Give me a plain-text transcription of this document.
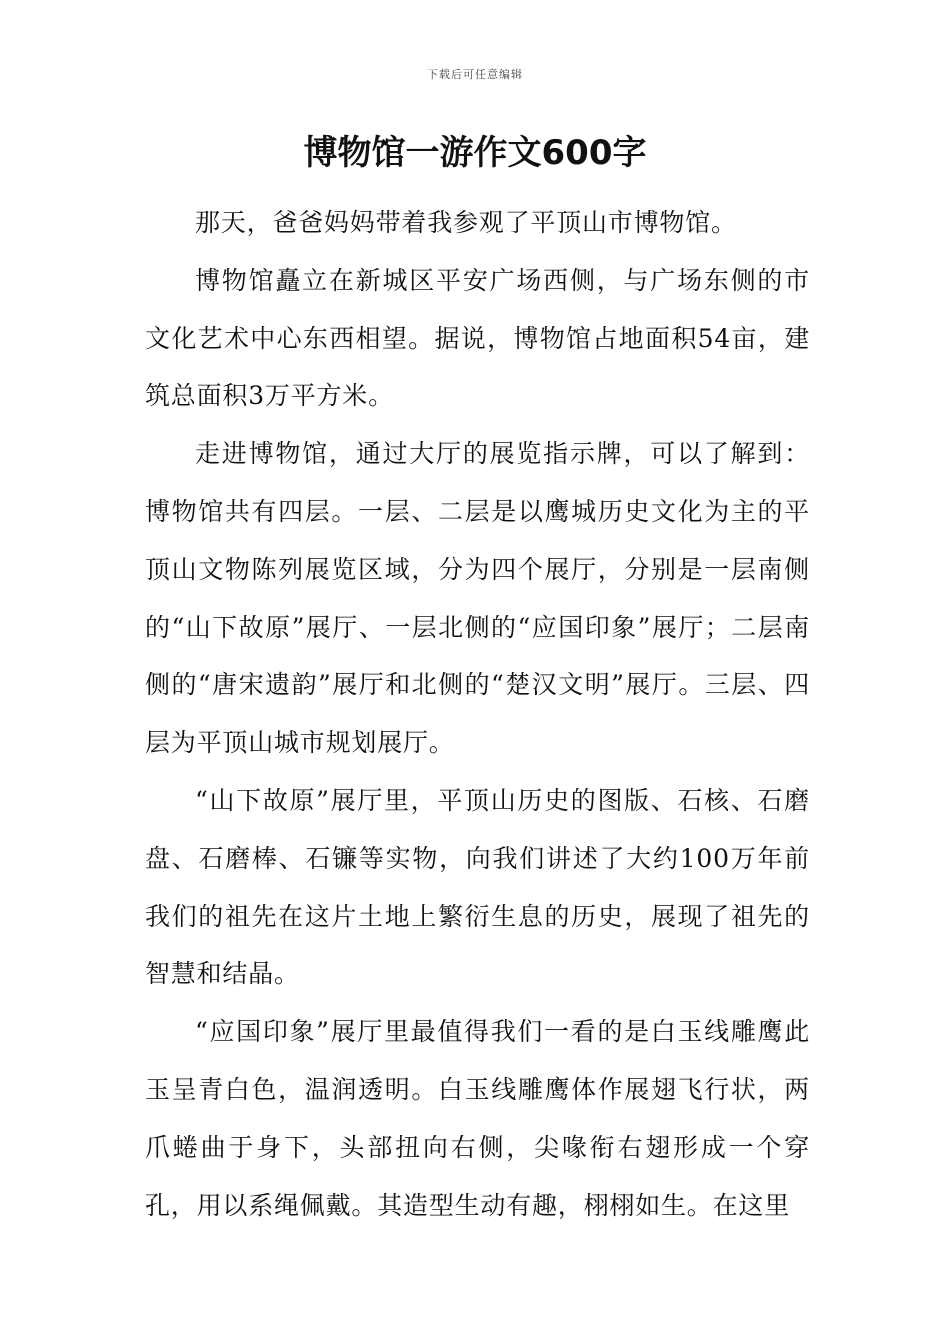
下载后可任意编辑
博物馆一游作文600字

那天，爸爸妈妈带着我参观了平顶山市博物馆。

博物馆矗立在新城区平安广场西侧，与广场东侧的市文化艺术中心东西相望。据说，博物馆占地面积54亩，建筑总面积3万平方米。

走进博物馆，通过大厅的展览指示牌，可以了解到：博物馆共有四层。一层、二层是以鹰城历史文化为主的平顶山文物陈列展览区域，分为四个展厅，分别是一层南侧的“山下故原”展厅、一层北侧的“应国印象”展厅；二层南侧的“唐宋遗韵”展厅和北侧的“楚汉文明”展厅。三层、四层为平顶山城市规划展厅。

“山下故原”展厅里，平顶山历史的图版、石核、石磨盘、石磨棒、石镰等实物，向我们讲述了大约100万年前我们的祖先在这片土地上繁衍生息的历史，展现了祖先的智慧和结晶。

“应国印象”展厅里最值得我们一看的是白玉线雕鹰此玉呈青白色，温润透明。白玉线雕鹰体作展翅飞行状，两爪蜷曲于身下，头部扭向右侧，尖喙衔右翅形成一个穿孔，用以系绳佩戴。其造型生动有趣，栩栩如生。在这里
